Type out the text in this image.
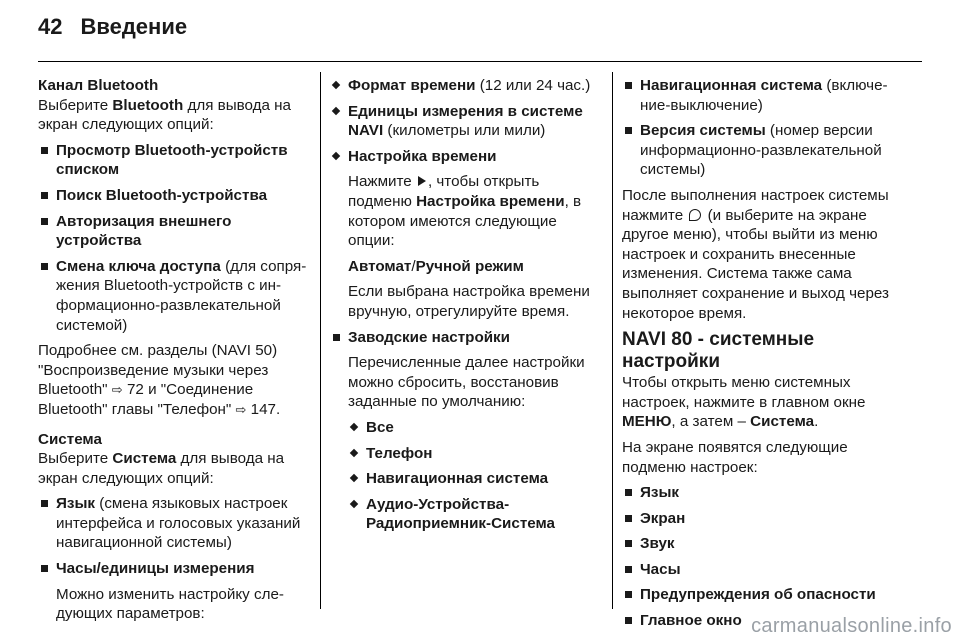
42 Введение
Канал Bluetooth

Выберите Bluetooth для вывода на экран следующих опций:

Просмотр Bluetooth-устройств списком
Поиск Bluetooth-устройства
Авторизация внешнего устройства
Смена ключа доступа (для сопряжения Bluetooth-устройств с информационно-развлекательной системой)

Подробнее см. разделы (NAVI 50) "Воспроизведение музыки через Bluetooth" ⇨ 72 и "Соединение Bluetooth" главы "Телефон" ⇨ 147.

Система

Выберите Система для вывода на экран следующих опций:

Язык (смена языковых настроек интерфейса и голосовых указаний навигационной системы)
Часы/единицы измерения

Можно изменить настройку следующих параметров:

Формат времени (12 или 24 час.)
Единицы измерения в системе NAVI (километры или мили)
Настройка времени

Нажмите , чтобы открыть подменю Настройка времени, в котором имеются следующие опции:

Автомат/Ручной режим

Если выбрана настройка времени вручную, отрегулируйте время.

Заводские настройки

Перечисленные далее настройки можно сбросить, восстановив заданные по умолчанию:

Все
Телефон
Навигационная система
Аудио-Устройства-Радиоприемник-Система
Навигационная система (включение-выключение)
Версия системы (номер версии информационно-развлекательной системы)

После выполнения настроек системы нажмите  (и выберите на экране другое меню), чтобы выйти из меню настроек и сохранить внесенные изменения. Система также сама выполняет сохранение и выход через некоторое время.

NAVI 80 - системные настройки

Чтобы открыть меню системных настроек, нажмите в главном окне МЕНЮ, а затем – Система.

На экране появятся следующие подменю настроек:

Язык
Экран
Звук
Часы
Предупреждения об опасности
Главное окно carmanualsonline.info
